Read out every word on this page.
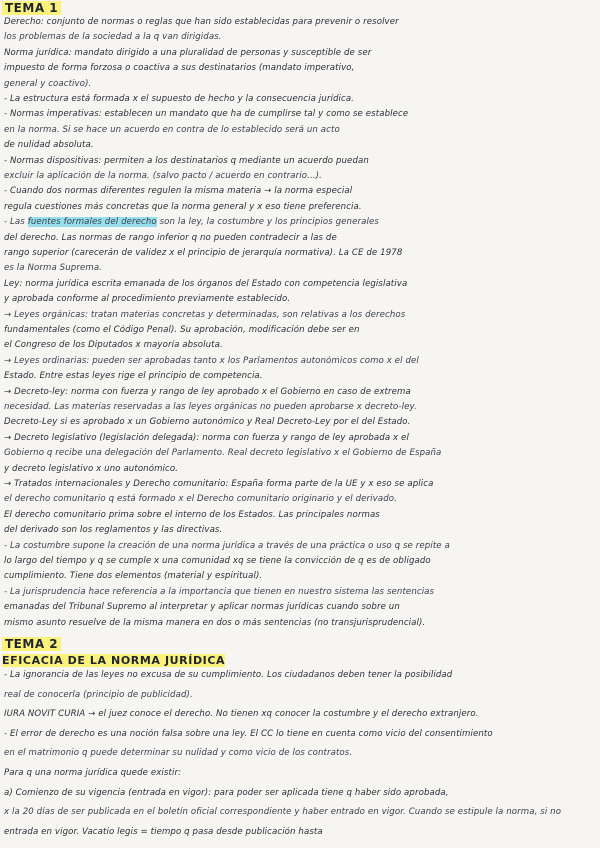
TEMA 1
Derecho: conjunto de normas o reglas que han sido establecidas para prevenir o resolver
los problemas de la sociedad a la q van dirigidas.
Norma jurídica: mandato dirigido a una pluralidad de personas y susceptible de ser
impuesto de forma forzosa o coactiva a sus destinatarios (mandato imperativo,
general y coactivo).
- La estructura está formada x el supuesto de hecho y la consecuencia jurídica.
- Normas imperativas: establecen un mandato que ha de cumplirse tal y como se establece
en la norma. Si se hace un acuerdo en contra de lo establecido será un acto
de nulidad absoluta.
- Normas dispositivas: permiten a los destinatarios q mediante un acuerdo puedan
excluir la aplicación de la norma. (salvo pacto / acuerdo en contrario...).
- Cuando dos normas diferentes regulen la misma materia → la norma especial
regula cuestiones más concretas que la norma general y x eso tiene preferencia.
- Las fuentes formales del derecho son la ley, la costumbre y los principios generales
del derecho. Las normas de rango inferior q no pueden contradecir a las de
rango superior (carecerán de validez x el principio de jerarquía normativa). La CE de 1978
es la Norma Suprema.
Ley: norma jurídica escrita emanada de los órganos del Estado con competencia legislativa
y aprobada conforme al procedimiento previamente establecido.
→ Leyes orgánicas: tratan materias concretas y determinadas, son relativas a los derechos
fundamentales (como el Código Penal). Su aprobación, modificación debe ser en
el Congreso de los Diputados x mayoría absoluta.
→ Leyes ordinarias: pueden ser aprobadas tanto x los Parlamentos autonómicos como x el del
Estado. Entre estas leyes rige el principio de competencia.
→ Decreto-ley: norma con fuerza y rango de ley aprobado x el Gobierno en caso de extrema
necesidad. Las materias reservadas a las leyes orgánicas no pueden aprobarse x decreto-ley.
Decreto-Ley si es aprobado x un Gobierno autonómico y Real Decreto-Ley por el del Estado.
→ Decreto legislativo (legislación delegada): norma con fuerza y rango de ley aprobada x el
Gobierno q recibe una delegación del Parlamento. Real decreto legislativo x el Gobierno de España
y decreto legislativo x uno autonómico.
→ Tratados internacionales y Derecho comunitario: España forma parte de la UE y x eso se aplica
el derecho comunitario q está formado x el Derecho comunitario originario y el derivado.
El derecho comunitario prima sobre el interno de los Estados. Las principales normas
del derivado son los reglamentos y las directivas.
- La costumbre supone la creación de una norma jurídica a través de una práctica o uso q se repite a
lo largo del tiempo y q se cumple x una comunidad xq se tiene la convicción de q es de obligado
cumplimiento. Tiene dos elementos (material y espiritual).
- La jurisprudencia hace referencia a la importancia que tienen en nuestro sistema las sentencias
emanadas del Tribunal Supremo al interpretar y aplicar normas jurídicas cuando sobre un
mismo asunto resuelve de la misma manera en dos o más sentencias (no transjurisprudencial).
TEMA 2
EFICACIA DE LA NORMA JURÍDICA
- La ignorancia de las leyes no excusa de su cumplimiento. Los ciudadanos deben tener la posibilidad
real de conocerla (principio de publicidad).
IURA NOVIT CURIA → el juez conoce el derecho. No tienen xq conocer la costumbre y el derecho extranjero.
- El error de derecho es una noción falsa sobre una ley. El CC lo tiene en cuenta como vicio del consentimiento
en el matrimonio q puede determinar su nulidad y como vicio de los contratos.
Para q una norma jurídica quede existir:
a) Comienzo de su vigencia (entrada en vigor): para poder ser aplicada tiene q haber sido aprobada,
x la 20 días de ser publicada en el boletín oficial correspondiente y haber entrado en vigor. Cuando se estipule la norma, si no
entrada en vigor. Vacatio legis = tiempo q pasa desde publicación hasta
